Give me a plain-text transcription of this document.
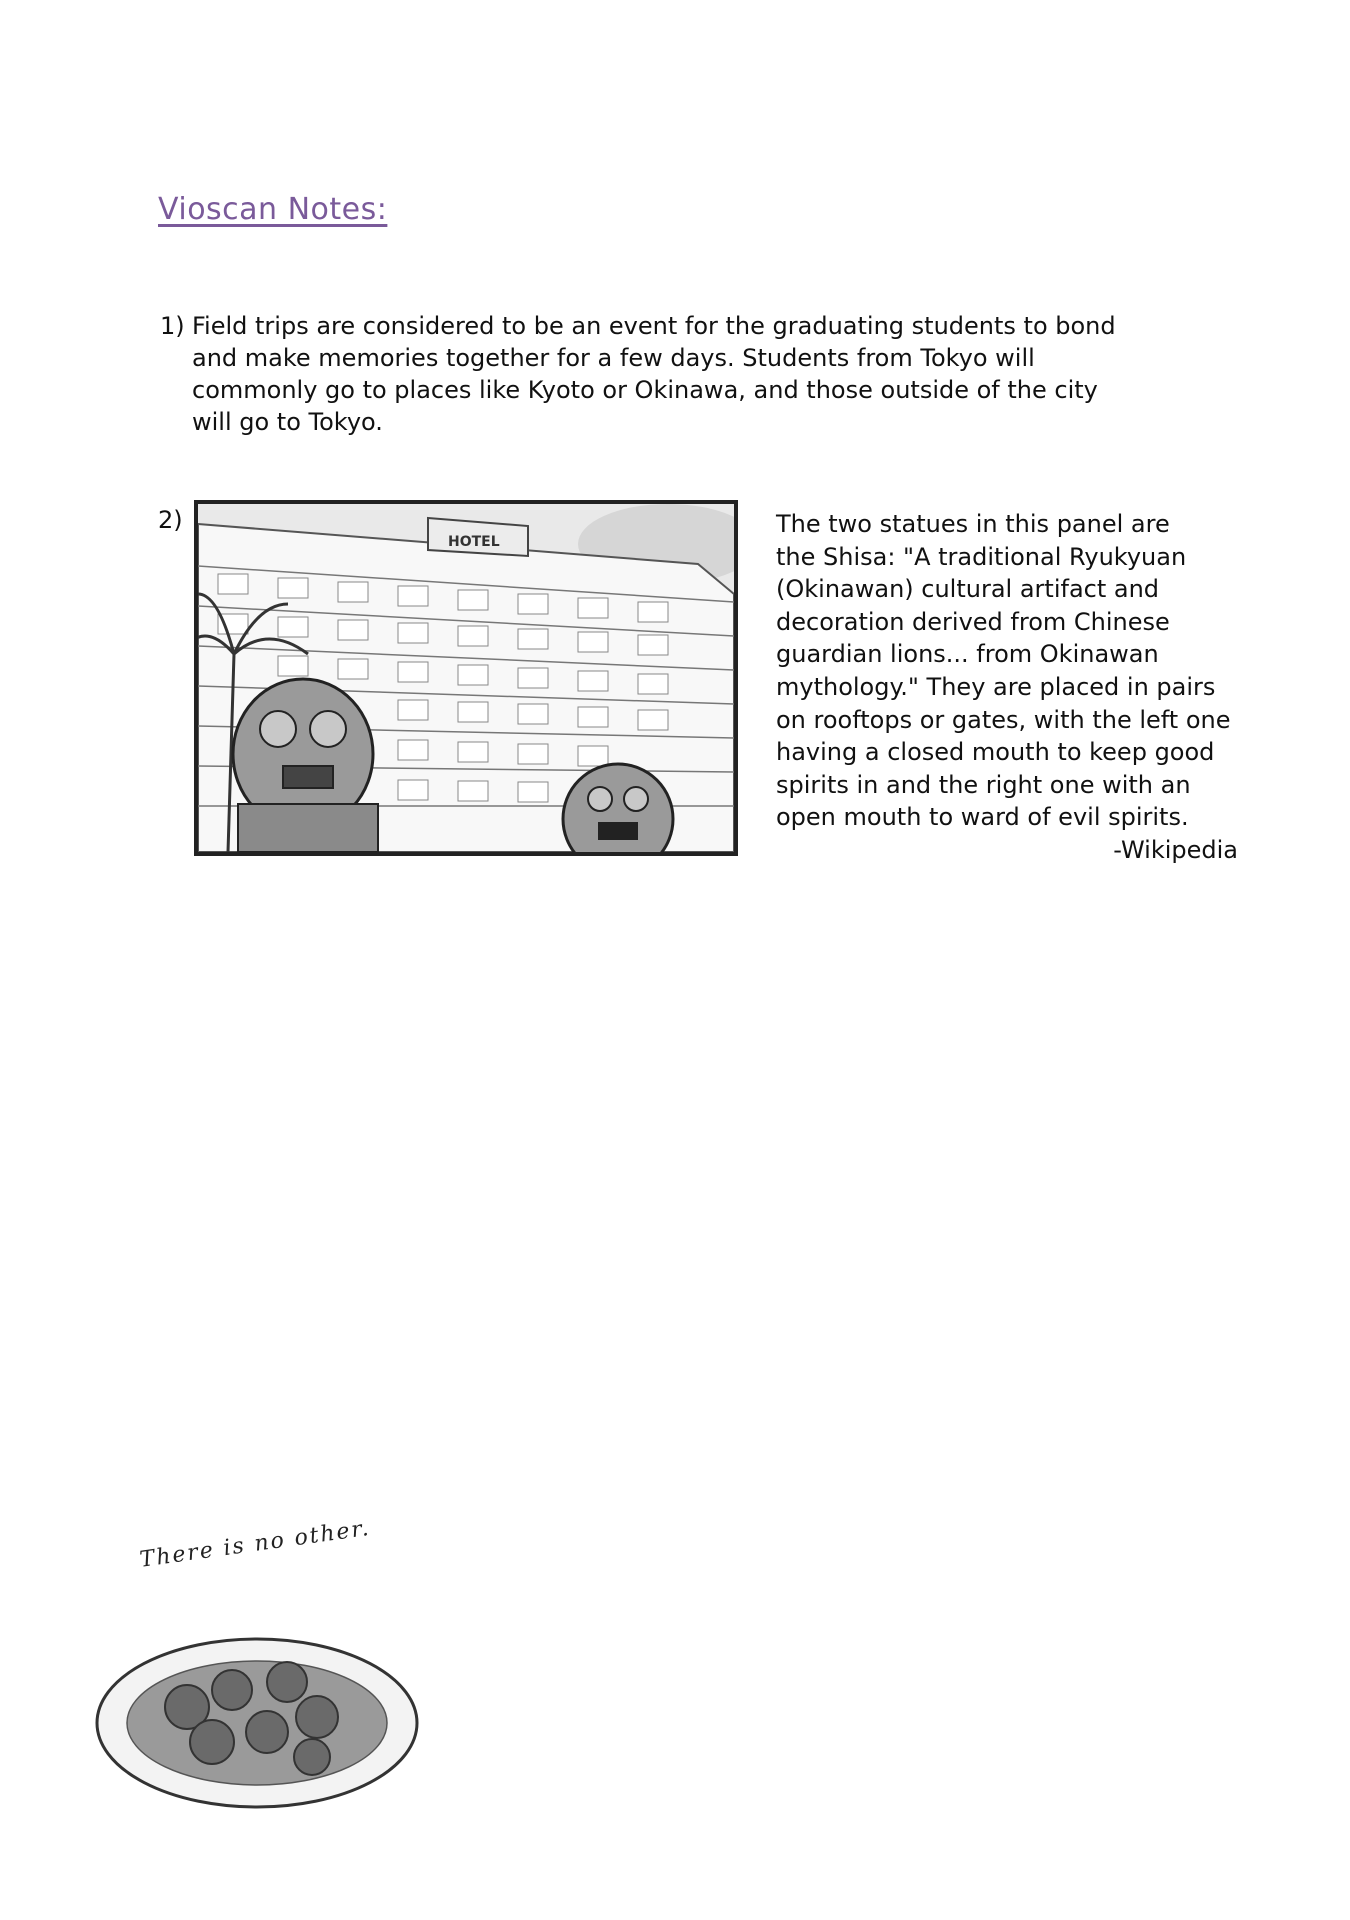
Vioscan Notes:
1) Field trips are considered to be an event for the graduating students to bond
and make memories together for a few days. Students from Tokyo will
commonly go to places like Kyoto or Okinawa, and those outside of the city
will go to Tokyo.
2)
HOTEL
The two statues in this panel are
the Shisa: "A traditional Ryukyuan
(Okinawan) cultural artifact and
decoration derived from Chinese
guardian lions... from Okinawan
mythology." They are placed in pairs
on rooftops or gates, with the left one
having a closed mouth to keep good
spirits in and the right one with an
open mouth to ward of evil spirits.
-Wikipedia
There is no other.
